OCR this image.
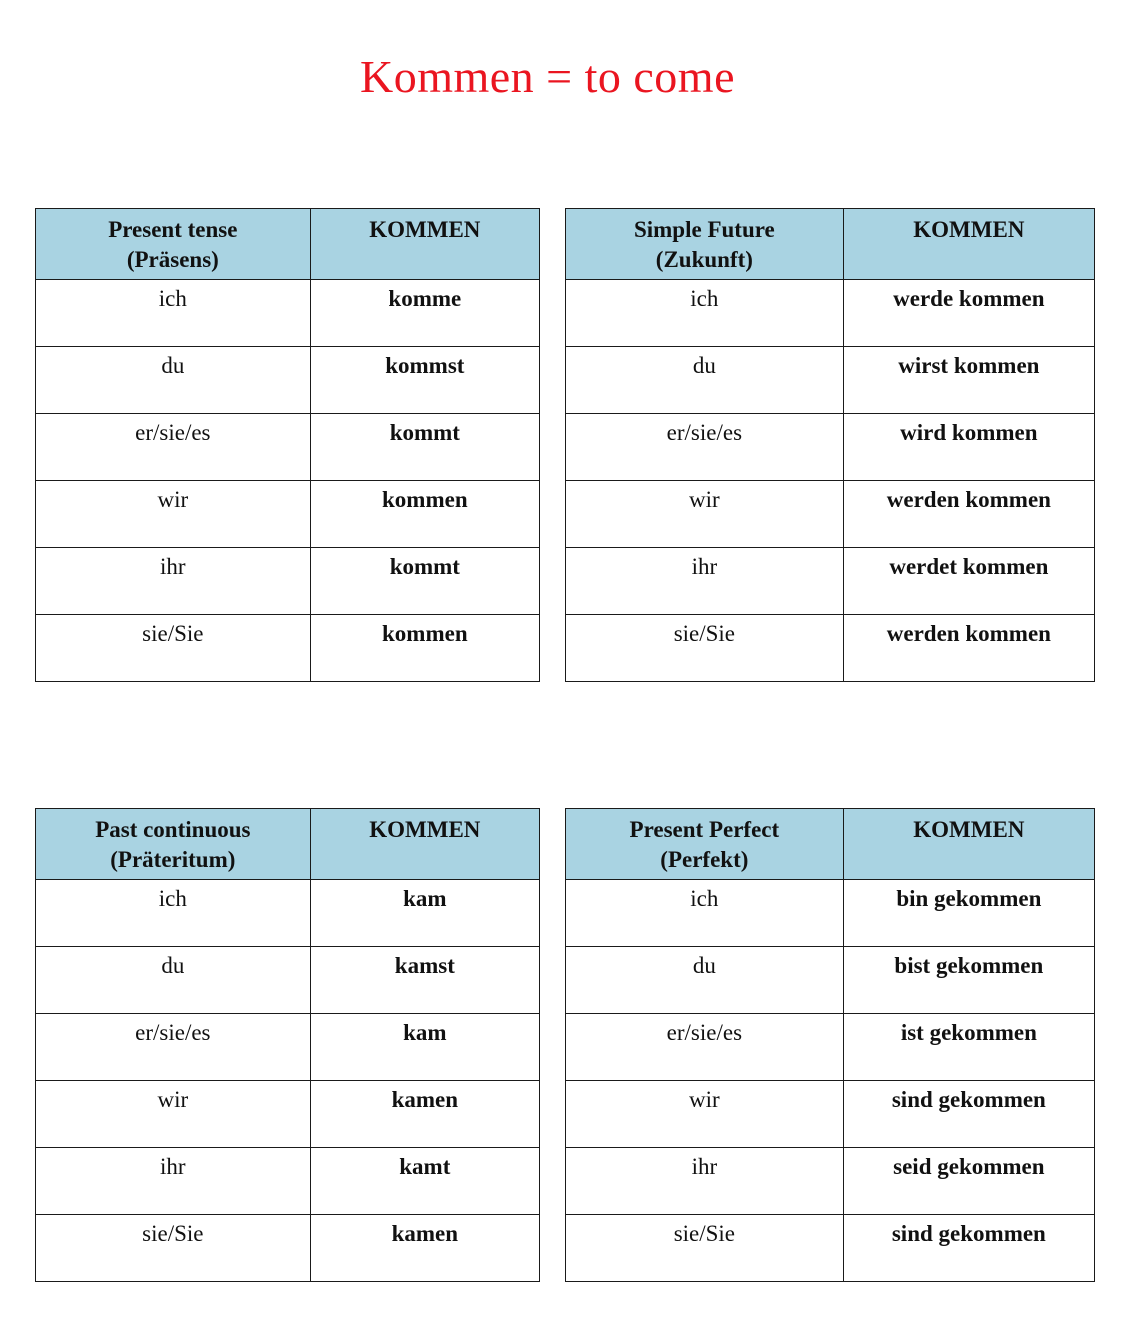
Kommen = to come
Present tense
(Präsens)	KOMMEN
ich	komme
du	kommst
er/sie/es	kommt
wir	kommen
ihr	kommt
sie/Sie	kommen
Simple Future
(Zukunft)	KOMMEN
ich	werde kommen
du	wirst kommen
er/sie/es	wird kommen
wir	werden kommen
ihr	werdet kommen
sie/Sie	werden kommen
Past continuous
(Präteritum)	KOMMEN
ich	kam
du	kamst
er/sie/es	kam
wir	kamen
ihr	kamt
sie/Sie	kamen
Present Perfect
(Perfekt)	KOMMEN
ich	bin gekommen
du	bist gekommen
er/sie/es	ist gekommen
wir	sind gekommen
ihr	seid gekommen
sie/Sie	sind gekommen
